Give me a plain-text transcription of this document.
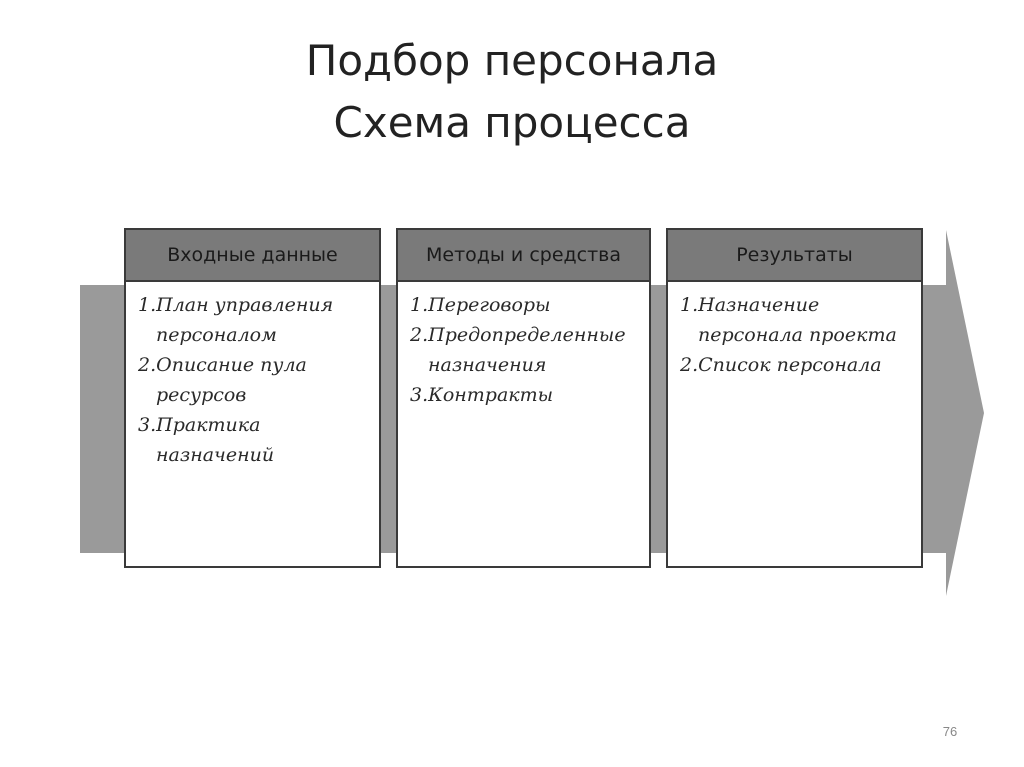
Подбор персонала
Схема процесса
Входные данные
1.План управления
персоналом
2.Описание пула
ресурсов
3.Практика
назначений
Методы и средства
1.Переговоры
2.Предопределенные
назначения
3.Контракты
Результаты
1.Назначение
персонала проекта
2.Список персонала
76
